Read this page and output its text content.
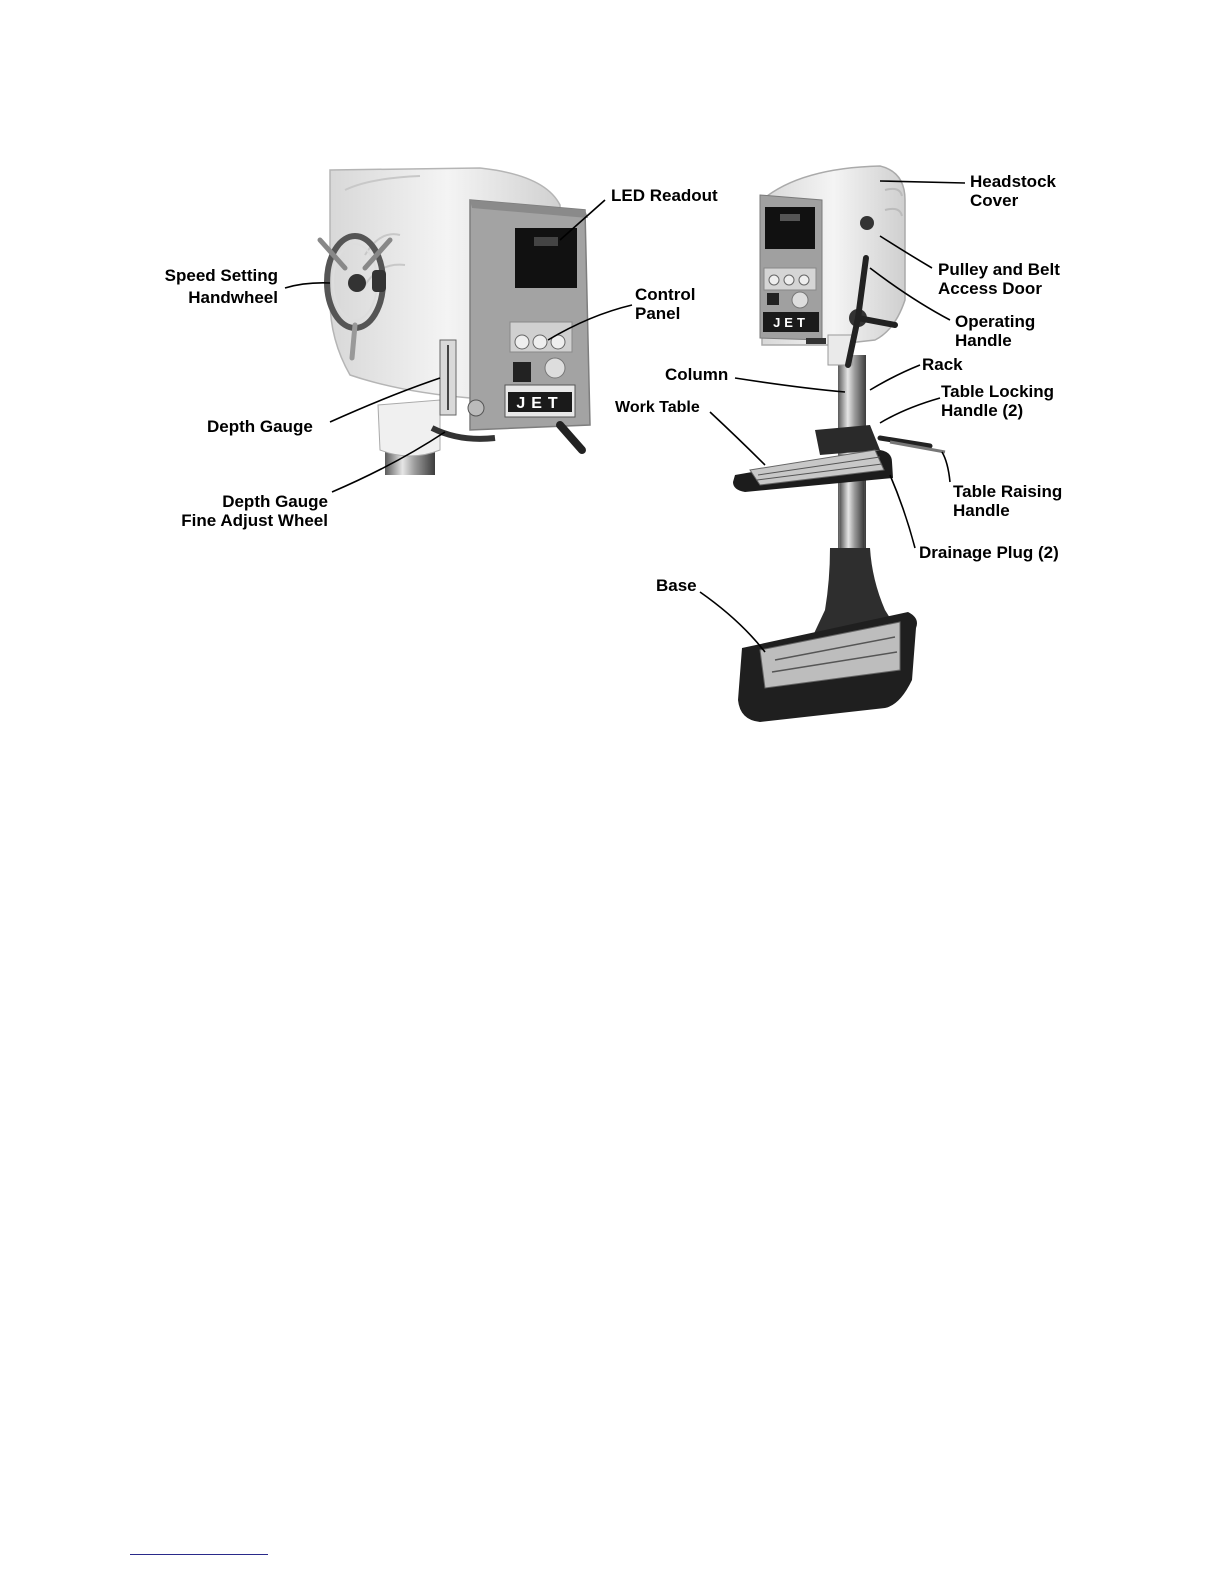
JET
JET
Speed Setting
Handwheel
LED Readout
Control
Panel
Depth Gauge
Depth Gauge
Fine Adjust Wheel
Headstock
Cover
Pulley and Belt
Access Door
Operating
Handle
Rack
Column
Table Locking
Handle (2)
Work Table
Table Raising
Handle
Drainage Plug (2)
Base
